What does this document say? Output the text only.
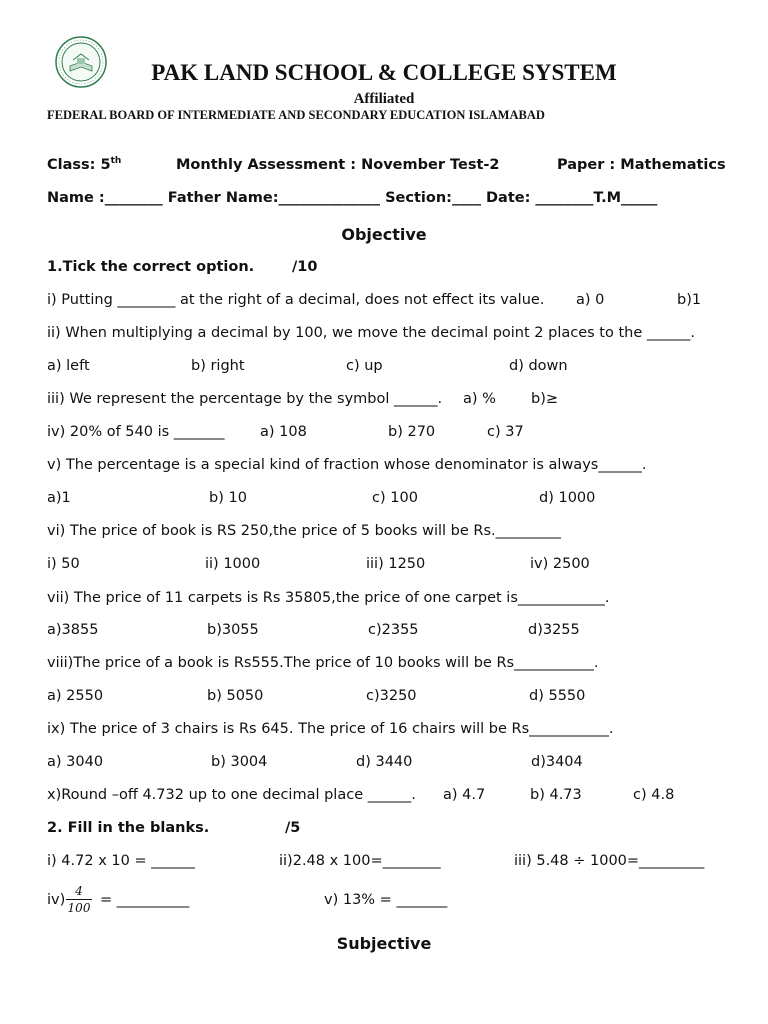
PAK LAND SCHOOL & COLLEGE SYSTEM
Affiliated
FEDERAL BOARD OF INTERMEDIATE AND SECONDARY EDUCATION ISLAMABAD
Class: 5th	Monthly Assessment : November Test-2	Paper : Mathematics
Name :________ Father Name:______________ Section:____ Date: ________T.M_____
Objective
1.Tick the correct option.	/10
i) Putting ________ at the right of a decimal, does not effect its value. a) 0	b)1
ii) When multiplying a decimal by 100, we move the decimal point 2 places to the ______.
a) left	b) right	c) up	d) down
iii) We represent the percentage by the symbol ______. a) % b)≥
iv) 20% of 540 is _______ a) 108	b) 270	c) 37
v) The percentage is a special kind of fraction whose denominator is always______.
a)1	b) 10	c) 100	d) 1000
vi) The price of book is RS 250,the price of 5 books will be Rs._________
i) 50	ii) 1000	iii) 1250	iv) 2500
vii) The price of 11 carpets is Rs 35805,the price of one carpet is____________.
a)3855	b)3055	c)2355	d)3255
viii)The price of a book is Rs555.The price of 10 books will be Rs___________.
a) 2550	b) 5050	c)3250	d) 5550
ix) The price of 3 chairs is Rs 645. The price of 16 chairs will be Rs___________.
a) 3040	b) 3004	d) 3440	d)3404
x)Round –off 4.732 up to one decimal place ______. a) 4.7	b) 4.73	c) 4.8
2. Fill in the blanks.	/5
i) 4.72 x 10 = ______	ii)2.48 x 100=________	iii) 5.48 ÷ 1000=_________
iv)
4
100 = __________	v) 13% = _______
Subjective
